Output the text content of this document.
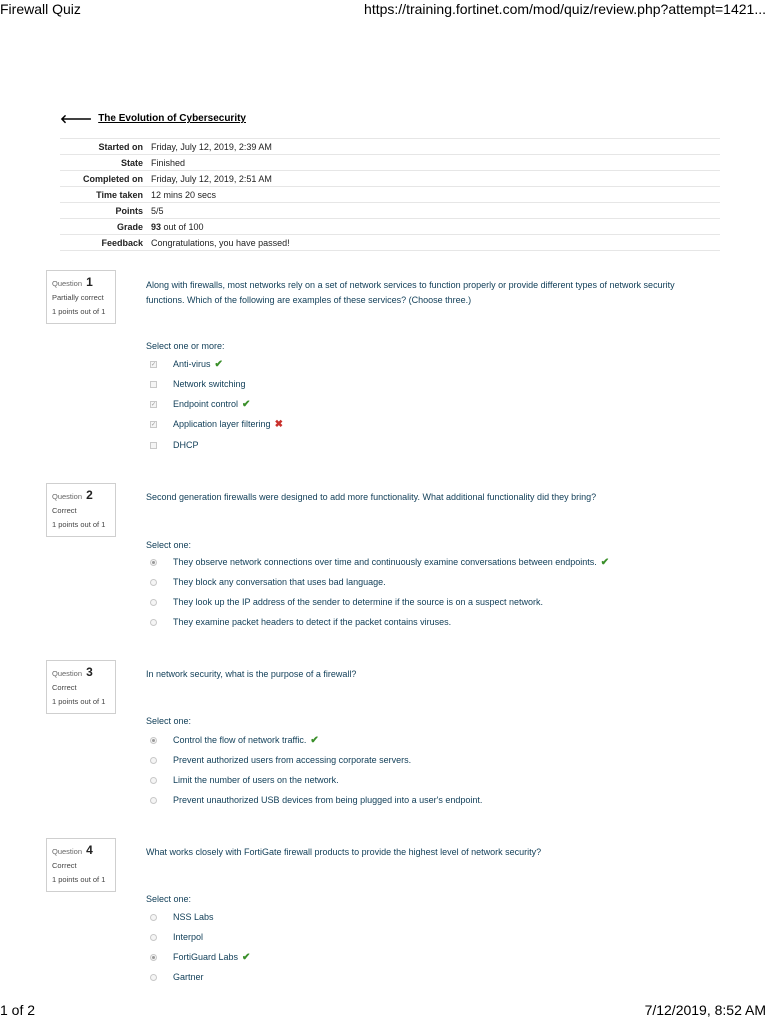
Firewall Quiz	https://training.fortinet.com/mod/quiz/review.php?attempt=1421...
1 of 2	7/12/2019, 8:52 AM
🡐 The Evolution of Cybersecurity
Started on	Friday, July 12, 2019, 2:39 AM
State	Finished
Completed on	Friday, July 12, 2019, 2:51 AM
Time taken	12 mins 20 secs
Points	5/5
Grade	93 out of 100
Feedback	Congratulations, you have passed!
Question 1
Partially correct
1 points out of 1
Along with firewalls, most networks rely on a set of network services to function properly or provide different types of network security functions. Which of the following are examples of these services? (Choose three.)
Select one or more:
✓ Anti-virus ✔
Network switching
✓ Endpoint control ✔
✓ Application layer filtering ✖
DHCP
Question 2
Correct
1 points out of 1
Second generation firewalls were designed to add more functionality. What additional functionality did they bring?
Select one:
They observe network connections over time and continuously examine conversations between endpoints. ✔
They block any conversation that uses bad language.
They look up the IP address of the sender to determine if the source is on a suspect network.
They examine packet headers to detect if the packet contains viruses.
Question 3
Correct
1 points out of 1
In network security, what is the purpose of a firewall?
Select one:
Control the flow of network traffic. ✔
Prevent authorized users from accessing corporate servers.
Limit the number of users on the network.
Prevent unauthorized USB devices from being plugged into a user's endpoint.
Question 4
Correct
1 points out of 1
What works closely with FortiGate firewall products to provide the highest level of network security?
Select one:
NSS Labs
Interpol
FortiGuard Labs ✔
Gartner
